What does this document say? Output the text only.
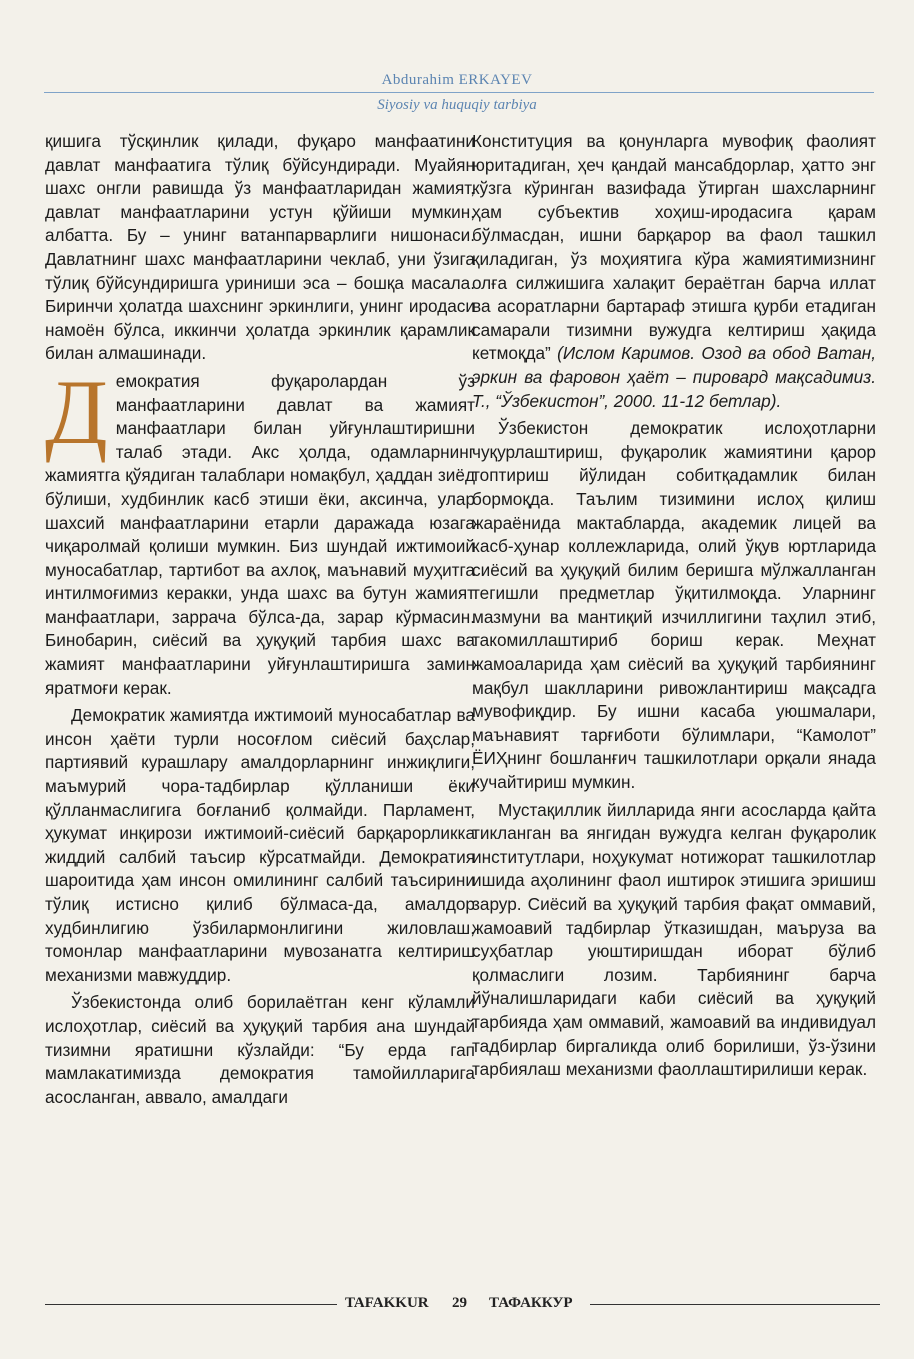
Abdurahim ERKAYEV
Siyosiy va huquqiy tarbiya

қишига тўсқинлик қилади, фуқаро манфаатини давлат манфаатига тўлиқ бўйсундиради. Муайян шахс онгли равишда ўз манфаатларидан жамият, давлат манфаатларини устун қўйиши мумкин, албатта. Бу – унинг ватанпарварлиги нишонаси. Давлатнинг шахс манфаатларини чеклаб, уни ўзига тўлиқ бўйсундиришга уриниши эса – бошқа масала. Биринчи ҳолатда шахснинг эркинлиги, унинг иродаси намоён бўлса, иккинчи ҳолатда эркинлик қарамлик билан алмашинади.

Демократия фуқаролардан ўз манфаатларини давлат ва жамият манфаатлари билан уйғунлаштиришни талаб этади. Акс ҳолда, одамларнинг жамиятга қўядиган талаблари номақбул, ҳаддан зиёд бўлиши, худбинлик касб этиши ёки, аксинча, улар шахсий манфаатларини етарли даражада юзага чиқаролмай қолиши мумкин. Биз шундай ижтимоий муносабатлар, тартибот ва ахлоқ, маънавий муҳитга интилмоғимиз керакки, унда шахс ва бутун жамият манфаатлари, заррача бўлса-да, зарар кўрмасин. Бинобарин, сиёсий ва ҳуқуқий тарбия шахс ва жамият манфаатларини уйғунлаштиришга замин яратмоғи керак.

Демократик жамиятда ижтимоий муносабатлар ва инсон ҳаёти турли носоғлом сиёсий баҳслар, партиявий курашлару амалдорларнинг инжиқлиги, маъмурий чора-тадбирлар қўлланиши ёки қўлланмаслигига боғланиб қолмайди. Парламент, ҳукумат инқирози ижтимоий-сиёсий барқарорликка жиддий салбий таъсир кўрсатмайди. Демократия шароитида ҳам инсон омилининг салбий таъсирини тўлиқ истисно қилиб бўлмаса-да, амалдор худбинлигию ўзбилармонлигини жиловлаш, томонлар манфаатларини мувозанатга келтириш механизми мавжуддир.

Ўзбекистонда олиб борилаётган кенг кўламли ислоҳотлар, сиёсий ва ҳуқуқий тарбия ана шундай тизимни яратишни кўзлайди: “Бу ерда гап мамлакатимизда демократия тамойилларига асосланган, аввало, амалдаги

Конституция ва қонунларга мувофиқ фаолият юритадиган, ҳеч қандай мансабдорлар, ҳатто энг кўзга кўринган вазифада ўтирган шахсларнинг ҳам субъектив хоҳиш-иродасига қарам бўлмасдан, ишни барқарор ва фаол ташкил қиладиган, ўз моҳиятига кўра жамиятимизнинг олға силжишига халақит бераётган барча иллат ва асоратларни бартараф этишга қурби етадиган самарали тизимни вужудга келтириш ҳақида кетмоқда” (Ислом Каримов. Озод ва обод Ватан, эркин ва фаровон ҳаёт – пировард мақсадимиз. Т., “Ўзбекистон”, 2000. 11-12 бетлар).

Ўзбекистон демократик ислоҳотларни чуқурлаштириш, фуқаролик жамиятини қарор топтириш йўлидан собитқадамлик билан бормоқда. Таълим тизимини ислоҳ қилиш жараёнида мактабларда, академик лицей ва касб-ҳунар коллежларида, олий ўқув юртларида сиёсий ва ҳуқуқий билим беришга мўлжалланган тегишли предметлар ўқитилмоқда. Уларнинг мазмуни ва мантиқий изчиллигини таҳлил этиб, такомиллаштириб бориш керак. Меҳнат жамоаларида ҳам сиёсий ва ҳуқуқий тарбиянинг мақбул шаклларини ривожлантириш мақсадга мувофиқдир. Бу ишни касаба уюшмалари, маънавият тарғиботи бўлимлари, “Камолот” ЁИҲнинг бошланғич ташкилотлари орқали янада кучайтириш мумкин.

Мустақиллик йилларида янги асосларда қайта тикланган ва янгидан вужудга келган фуқаролик институтлари, ноҳукумат нотижорат ташкилотлар ишида аҳолининг фаол иштирок этишига эришиш зарур. Сиёсий ва ҳуқуқий тарбия фақат оммавий, жамоавий тадбирлар ўтказишдан, маъруза ва суҳбатлар уюштиришдан иборат бўлиб қолмаслиги лозим. Тарбиянинг барча йўналишларидаги каби сиёсий ва ҳуқуқий тарбияда ҳам оммавий, жамоавий ва индивидуал тадбирлар биргаликда олиб борилиши, ўз-ўзини тарбиялаш механизми фаоллаштирилиши керак.

TAFAKKUR 29 ТАФАККУР
